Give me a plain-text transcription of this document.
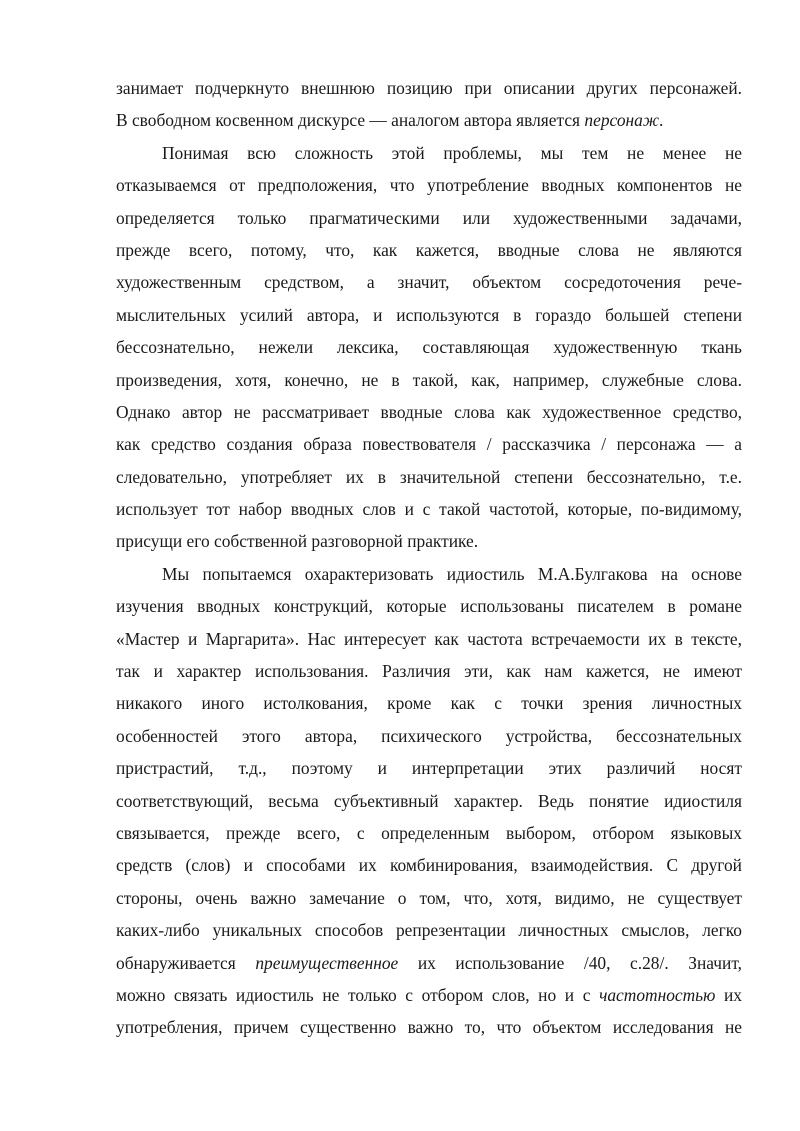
занимает подчеркнуто внешнюю позицию при описании других персонажей.
В свободном косвенном дискурсе — аналогом автора является персонаж.
Понимая всю сложность этой проблемы, мы тем не менее не
отказываемся от предположения, что употребление вводных компонентов не
определяется только прагматическими или художественными задачами,
прежде всего, потому, что, как кажется, вводные слова не являются
художественным средством, а значит, объектом сосредоточения рече-
мыслительных усилий автора, и используются в гораздо большей степени
бессознательно, нежели лексика, составляющая художественную ткань
произведения, хотя, конечно, не в такой, как, например, служебные слова.
Однако автор не рассматривает вводные слова как художественное средство,
как средство создания образа повествователя / рассказчика / персонажа — а
следовательно, употребляет их в значительной степени бессознательно, т.е.
использует тот набор вводных слов и с такой частотой, которые, по-видимому,
присущи его собственной разговорной практике.
Мы попытаемся охарактеризовать идиостиль М.А.Булгакова на основе
изучения вводных конструкций, которые использованы писателем в романе
«Мастер и Маргарита». Нас интересует как частота встречаемости их в тексте,
так и характер использования. Различия эти, как нам кажется, не имеют
никакого иного истолкования, кроме как с точки зрения личностных
особенностей этого автора, психического устройства, бессознательных
пристрастий, т.д., поэтому и интерпретации этих различий носят
соответствующий, весьма субъективный характер. Ведь понятие идиостиля
связывается, прежде всего, с определенным выбором, отбором языковых
средств (слов) и способами их комбинирования, взаимодействия. С другой
стороны, очень важно замечание о том, что, хотя, видимо, не существует
каких-либо уникальных способов репрезентации личностных смыслов, легко
обнаруживается преимущественное их использование /40, с.28/. Значит,
можно связать идиостиль не только с отбором слов, но и с частотностью их
употребления, причем существенно важно то, что объектом исследования не
